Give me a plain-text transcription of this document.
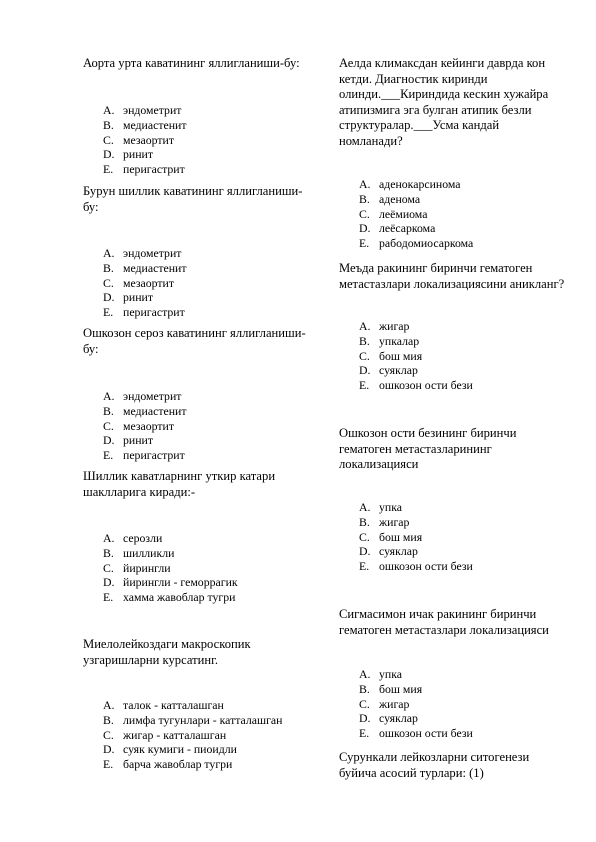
Аорта урта каватининг яллигланиши-бу:
A. эндометрит
B. медиастенит
C. мезаортит
D. ринит
E. перигастрит
Бурун шиллик каватининг яллигланиши-бу:
A. эндометрит
B. медиастенит
C. мезаортит
D. ринит
E. перигастрит
Ошкозон сероз каватининг яллигланиши-бу:
A. эндометрит
B. медиастенит
C. мезаортит
D. ринит
E. перигастрит
Шиллик каватларнинг уткир катари шаклларига киради:-
A. серозли
B. шилликли
C. йирингли
D. йирингли - геморрагик
E. хамма жавоблар тугри
Миелолейкоздаги макроскопик узгаришларни курсатинг.
A. талок - катталашган
B. лимфа тугунлари - катталашган
C. жигар - катталашган
D. суяк кумиги - пиоидли
E. барча жавоблар тугри
Аелда климаксдан кейинги даврда кон кетди. Диагностик киринди олинди.___Кириндида кескин хужайра атипизмига эга булган атипик безли структуралар.___Усма кандай номланади?
A. аденокарсинома
B. аденома
C. леёмиома
D. леёсаркома
E. рабодомиосаркома
Меъда ракининг биринчи гематоген метастазлари локализациясини аникланг?
A. жигар
B. упкалар
C. бош мия
D. суяклар
E. ошкозон ости бези
Ошкозон ости безининг биринчи гематоген метастазларининг локализацияси
A. упка
B. жигар
C. бош мия
D. суяклар
E. ошкозон ости бези
Сигмасимон ичак ракининг биринчи гематоген метастазлари локализацияси
A. упка
B. бош мия
C. жигар
D. суяклар
E. ошкозон ости бези
Сурункали лейкозларни ситогенези буйича асосий турлари: (1)
